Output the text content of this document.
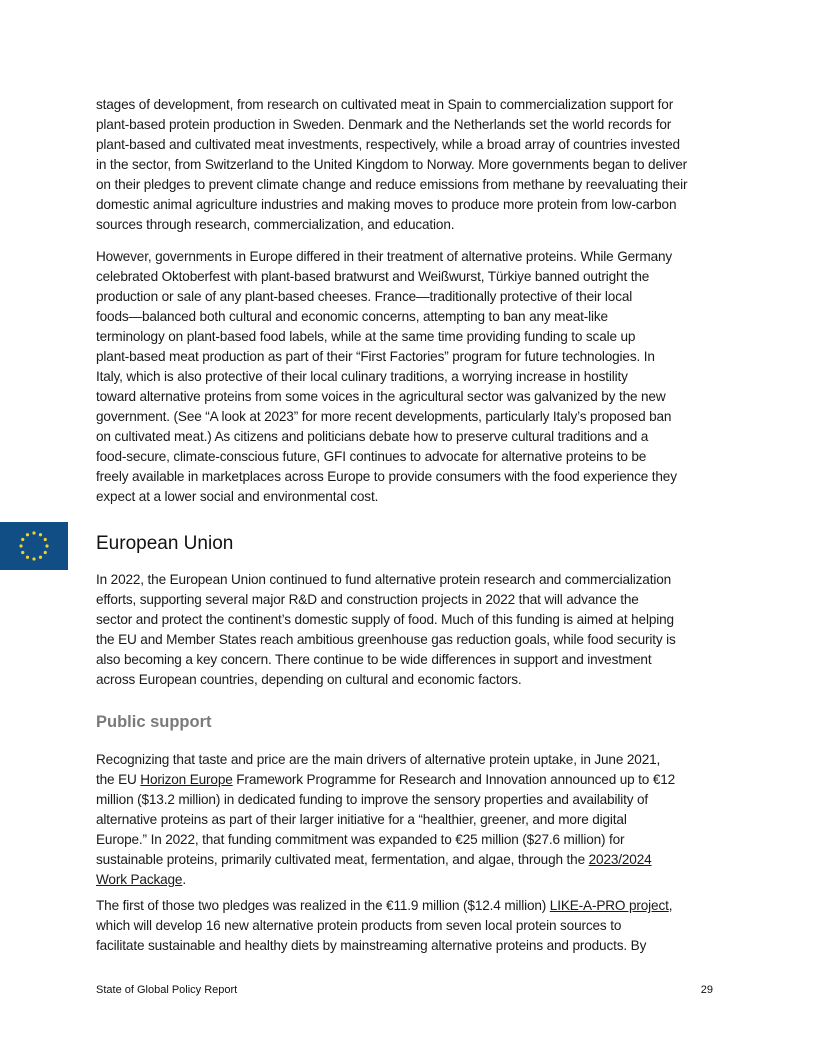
stages of development, from research on cultivated meat in Spain to commercialization support for
plant-based protein production in Sweden. Denmark and the Netherlands set the world records for
plant-based and cultivated meat investments, respectively, while a broad array of countries invested
in the sector, from Switzerland to the United Kingdom to Norway. More governments began to deliver
on their pledges to prevent climate change and reduce emissions from methane by reevaluating their
domestic animal agriculture industries and making moves to produce more protein from low-carbon
sources through research, commercialization, and education.
However, governments in Europe differed in their treatment of alternative proteins. While Germany
celebrated Oktoberfest with plant-based bratwurst and Weißwurst, Türkiye banned outright the
production or sale of any plant-based cheeses. France—traditionally protective of their local
foods—balanced both cultural and economic concerns, attempting to ban any meat-like
terminology on plant-based food labels, while at the same time providing funding to scale up
plant-based meat production as part of their “First Factories” program for future technologies. In
Italy, which is also protective of their local culinary traditions, a worrying increase in hostility
toward alternative proteins from some voices in the agricultural sector was galvanized by the new
government. (See “A look at 2023” for more recent developments, particularly Italy’s proposed ban
on cultivated meat.) As citizens and politicians debate how to preserve cultural traditions and a
food-secure, climate-conscious future, GFI continues to advocate for alternative proteins to be
freely available in marketplaces across Europe to provide consumers with the food experience they
expect at a lower social and environmental cost.
European Union
In 2022, the European Union continued to fund alternative protein research and commercialization
efforts, supporting several major R&D and construction projects in 2022 that will advance the
sector and protect the continent’s domestic supply of food. Much of this funding is aimed at helping
the EU and Member States reach ambitious greenhouse gas reduction goals, while food security is
also becoming a key concern. There continue to be wide differences in support and investment
across European countries, depending on cultural and economic factors.
Public support
Recognizing that taste and price are the main drivers of alternative protein uptake, in June 2021,
the EU Horizon Europe Framework Programme for Research and Innovation announced up to €12
million ($13.2 million) in dedicated funding to improve the sensory properties and availability of
alternative proteins as part of their larger initiative for a “healthier, greener, and more digital
Europe.” In 2022, that funding commitment was expanded to €25 million ($27.6 million) for
sustainable proteins, primarily cultivated meat, fermentation, and algae, through the 2023/2024
Work Package.
The first of those two pledges was realized in the €11.9 million ($12.4 million) LIKE-A-PRO project,
which will develop 16 new alternative protein products from seven local protein sources to
facilitate sustainable and healthy diets by mainstreaming alternative proteins and products. By
State of Global Policy Report	29
